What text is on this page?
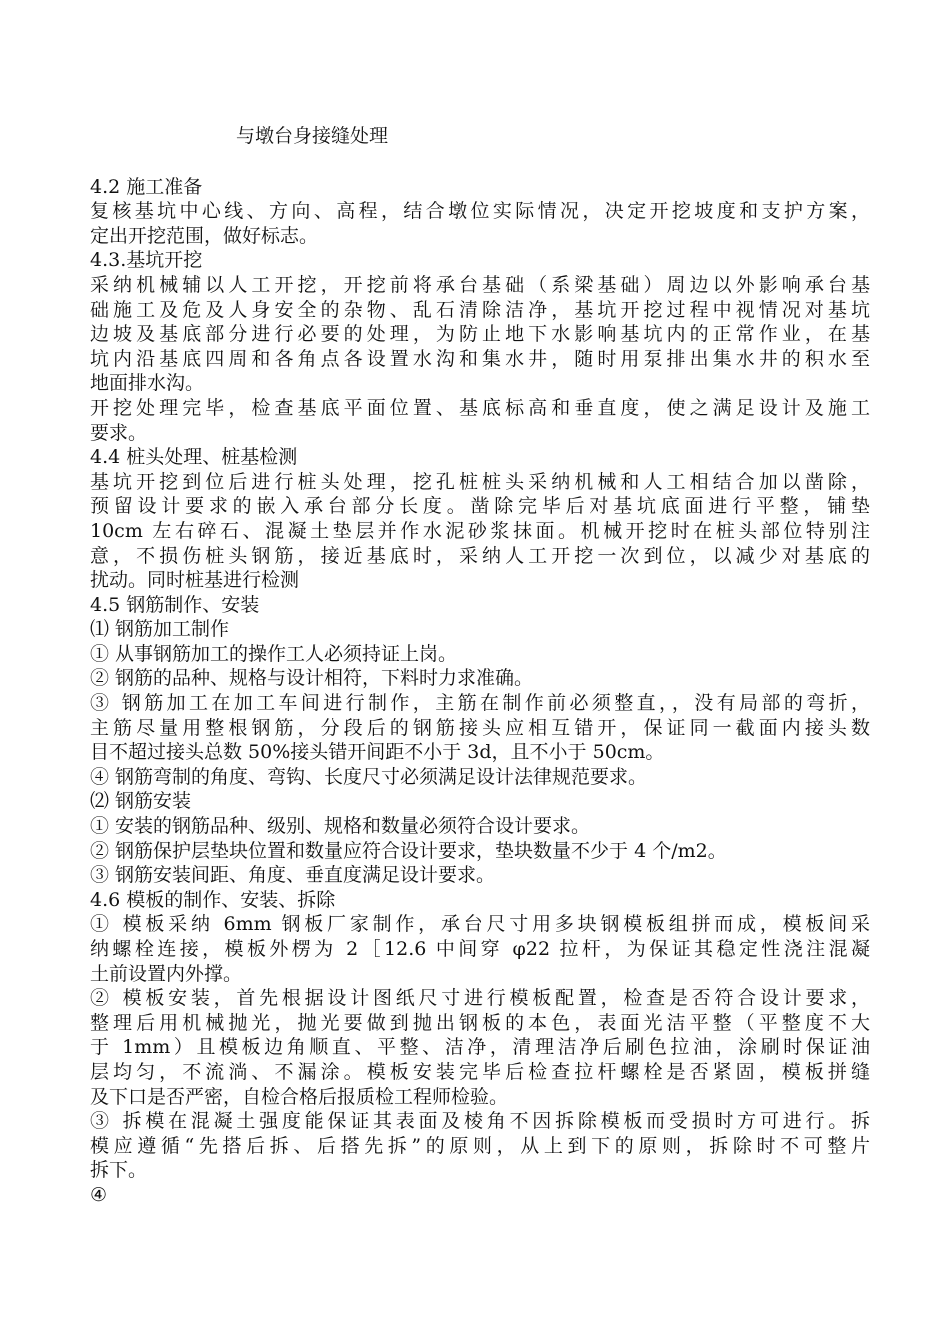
与墩台身接缝处理
4.2 施工准备
复核基坑中心线、方向、高程，结合墩位实际情况，决定开挖坡度和支护方案，
定出开挖范围，做好标志。
4.3.基坑开挖
采纳机械辅以人工开挖，开挖前将承台基础（系梁基础）周边以外影响承台基
础施工及危及人身安全的杂物、乱石清除洁净，基坑开挖过程中视情况对基坑
边坡及基底部分进行必要的处理，为防止地下水影响基坑内的正常作业，在基
坑内沿基底四周和各角点各设置水沟和集水井，随时用泵排出集水井的积水至
地面排水沟。
开挖处理完毕，检查基底平面位置、基底标高和垂直度，使之满足设计及施工
要求。
4.4 桩头处理、桩基检测
基坑开挖到位后进行桩头处理，挖孔桩桩头采纳机械和人工相结合加以凿除，
预留设计要求的嵌入承台部分长度。凿除完毕后对基坑底面进行平整，铺垫
10cm 左右碎石、混凝土垫层并作水泥砂浆抹面。机械开挖时在桩头部位特别注
意，不损伤桩头钢筋，接近基底时，采纳人工开挖一次到位，以减少对基底的
扰动。同时桩基进行检测
4.5 钢筋制作、安装
⑴ 钢筋加工制作
① 从事钢筋加工的操作工人必须持证上岗。
② 钢筋的品种、规格与设计相符，下料时力求准确。
③ 钢筋加工在加工车间进行制作，主筋在制作前必须整直，，没有局部的弯折，
主筋尽量用整根钢筋，分段后的钢筋接头应相互错开，保证同一截面内接头数
目不超过接头总数 50%接头错开间距不小于 3d，且不小于 50cm。
④ 钢筋弯制的角度、弯钩、长度尺寸必须满足设计法律规范要求。
⑵ 钢筋安装
① 安装的钢筋品种、级别、规格和数量必须符合设计要求。
② 钢筋保护层垫块位置和数量应符合设计要求，垫块数量不少于 4 个/m2。
③ 钢筋安装间距、角度、垂直度满足设计要求。
4.6 模板的制作、安装、拆除
① 模板采纳 6mm 钢板厂家制作，承台尺寸用多块钢模板组拼而成，模板间采
纳螺栓连接，模板外楞为 2［12.6 中间穿 φ22 拉杆，为保证其稳定性浇注混凝
土前设置内外撑。
② 模板安装，首先根据设计图纸尺寸进行模板配置，检查是否符合设计要求，
整理后用机械抛光，抛光要做到抛出钢板的本色，表面光洁平整（平整度不大
于 1mm）且模板边角顺直、平整、洁净，清理洁净后刷色拉油，涂刷时保证油
层均匀，不流淌、不漏涂。模板安装完毕后检查拉杆螺栓是否紧固，模板拼缝
及下口是否严密，自检合格后报质检工程师检验。
③ 拆模在混凝土强度能保证其表面及棱角不因拆除模板而受损时方可进行。拆
模应遵循“先搭后拆、后搭先拆”的原则，从上到下的原则，拆除时不可整片
拆下。
④
